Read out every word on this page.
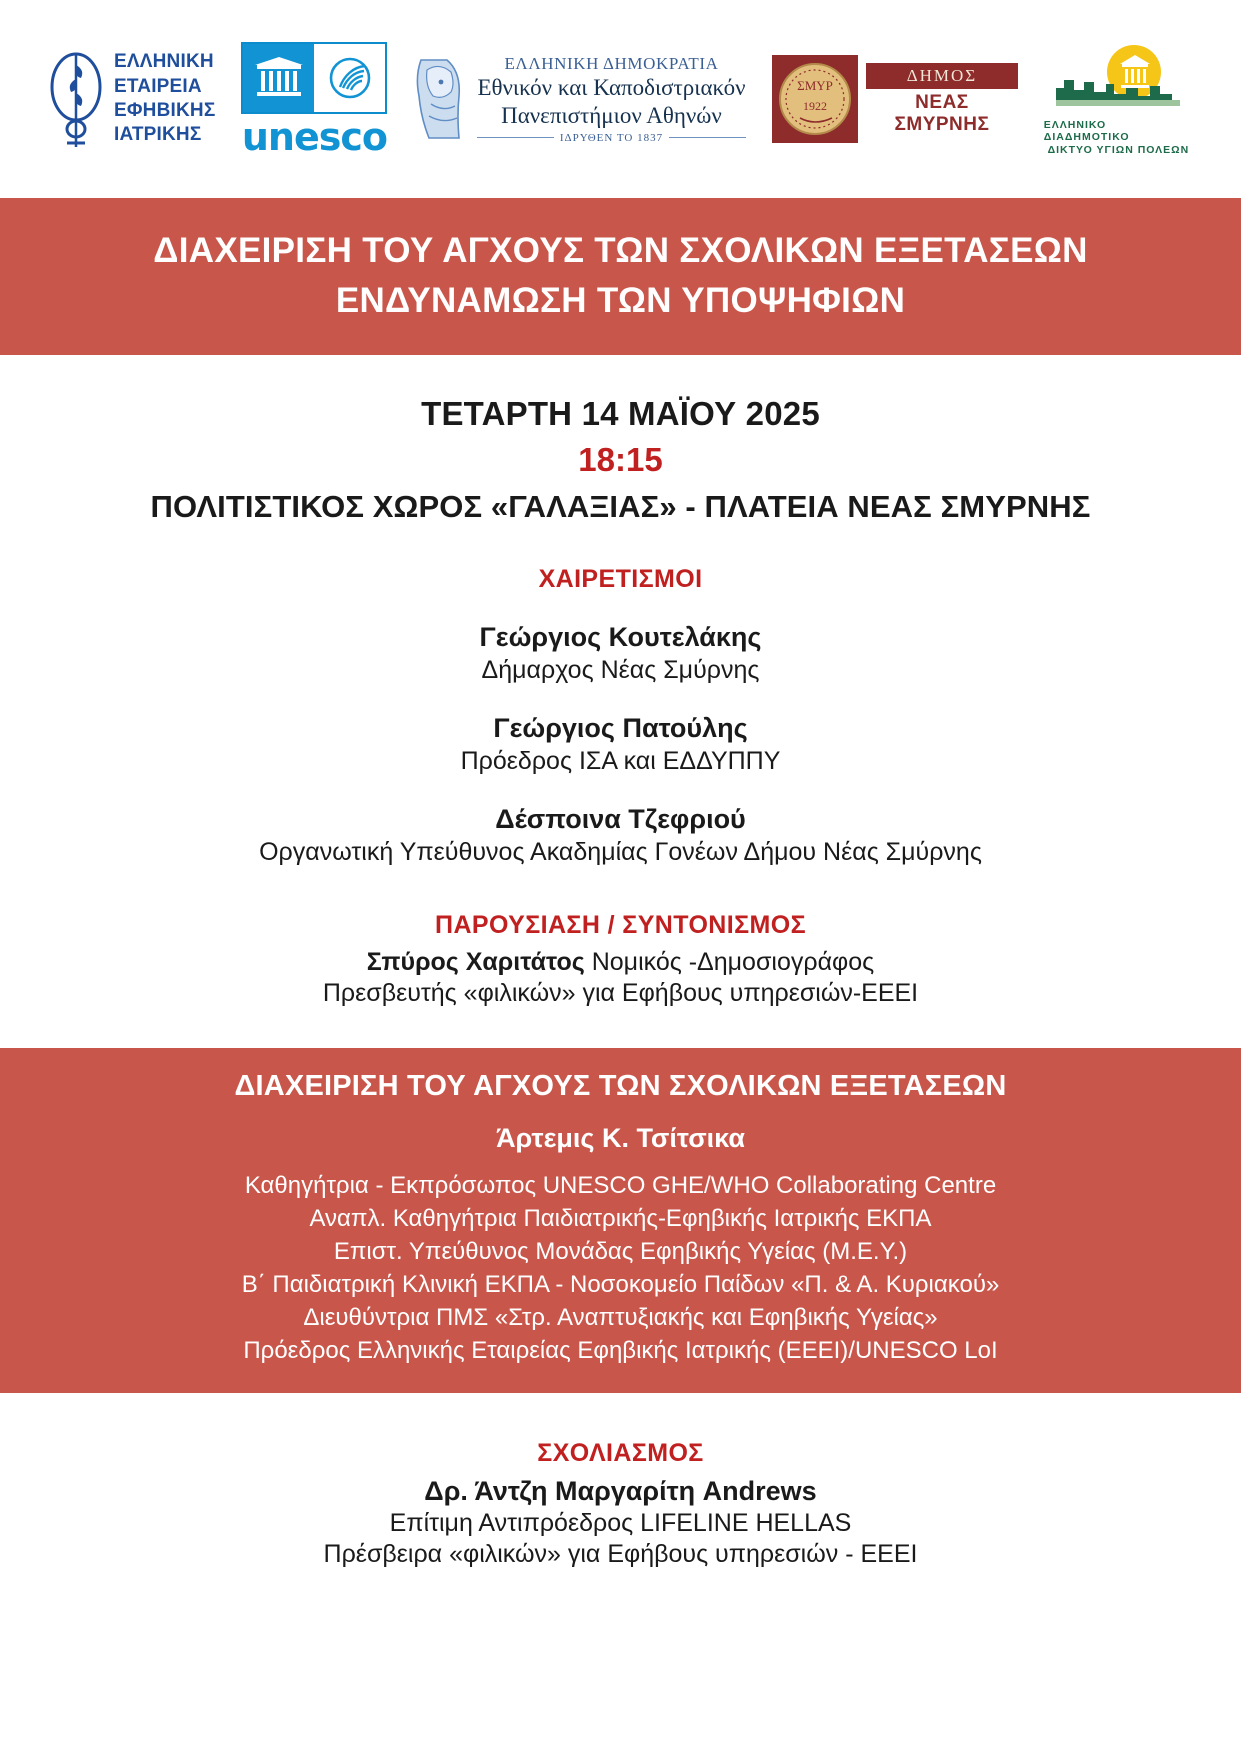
ΕΛΛΗΝΙΚΗ
ΕΤΑΙΡΕΙΑ
ΕΦΗΒΙΚΗΣ
ΙΑΤΡΙΚΗΣ	unesco
ΕΛΛΗΝΙΚΗ ΔΗΜΟΚΡΑΤΙΑ
Εθνικόν και Καποδιστριακόν
Πανεπιστήμιον Αθηνών
ΙΔΡΥΘΕΝ ΤΟ 1837
ΣΜΥΡ
1922
ΔΗΜΟΣ
ΝΕΑΣ ΣΜΥΡΝΗΣ	ΕΛΛΗΝΙΚΟ ΔΙΑΔΗΜΟΤΙΚΟ
ΔΙΚΤΥΟ ΥΓΙΩΝ ΠΟΛΕΩΝ
ΔΙΑΧΕΙΡΙΣΗ ΤΟΥ ΑΓΧΟΥΣ ΤΩΝ ΣΧΟΛΙΚΩΝ ΕΞΕΤΑΣΕΩΝ
ΕΝΔΥΝΑΜΩΣΗ ΤΩΝ ΥΠΟΨΗΦΙΩΝ
ΤΕΤΑΡΤΗ 14 ΜΑΪΟΥ 2025
18:15
ΠΟΛΙΤΙΣΤΙΚΟΣ ΧΩΡΟΣ «ΓΑΛΑΞΙΑΣ» - ΠΛΑΤΕΙΑ ΝΕΑΣ ΣΜΥΡΝΗΣ
ΧΑΙΡΕΤΙΣΜΟΙ
Γεώργιος Κουτελάκης
Δήμαρχος Νέας Σμύρνης
Γεώργιος Πατούλης
Πρόεδρος ΙΣΑ και ΕΔΔΥΠΠΥ
Δέσποινα Τζεφριού
Οργανωτική Υπεύθυνος Ακαδημίας Γονέων Δήμου Νέας Σμύρνης
ΠΑΡΟΥΣΙΑΣΗ / ΣΥΝΤΟΝΙΣΜΟΣ
Σπύρος Χαριτάτος Νομικός -Δημοσιογράφος
Πρεσβευτής «φιλικών» για Εφήβους υπηρεσιών-ΕΕΕΙ
ΔΙΑΧΕΙΡΙΣΗ ΤΟΥ ΑΓΧΟΥΣ ΤΩΝ ΣΧΟΛΙΚΩΝ ΕΞΕΤΑΣΕΩΝ
Άρτεμις Κ. Τσίτσικα
Καθηγήτρια - Εκπρόσωπος UNESCO GHE/WHO Collaborating Centre
Αναπλ. Καθηγήτρια Παιδιατρικής-Εφηβικής Ιατρικής ΕΚΠΑ
Επιστ. Υπεύθυνος Μονάδας Εφηβικής Υγείας (Μ.Ε.Υ.)
Β΄ Παιδιατρική Κλινική ΕΚΠΑ - Νοσοκομείο Παίδων «Π. & Α. Κυριακού»
Διευθύντρια ΠΜΣ «Στρ. Αναπτυξιακής και Εφηβικής Υγείας»
Πρόεδρος Ελληνικής Εταιρείας Εφηβικής Ιατρικής (ΕΕΕΙ)/UNESCO LoI
ΣΧΟΛΙΑΣΜΟΣ
Δρ. Άντζη Μαργαρίτη Andrews
Επίτιμη Αντιπρόεδρος LIFELINE HELLAS
Πρέσβειρα «φιλικών» για Εφήβους υπηρεσιών - ΕΕΕΙ
